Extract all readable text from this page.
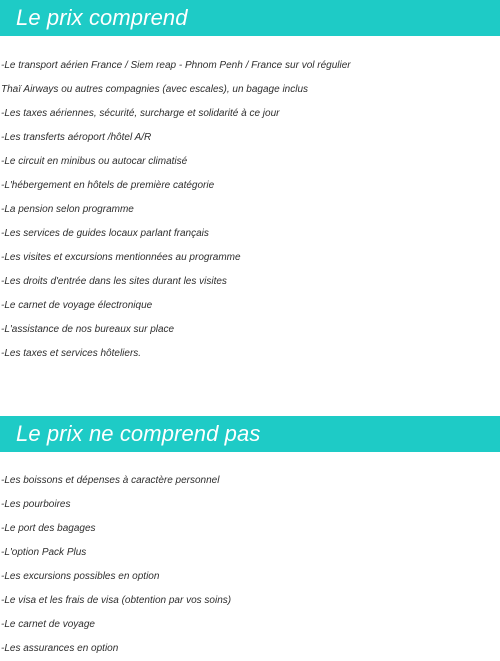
Le prix comprend
-Le transport aérien France / Siem reap - Phnom Penh / France sur vol régulier
Thaï Airways ou autres compagnies (avec escales), un bagage inclus
-Les taxes aériennes, sécurité, surcharge et solidarité à ce jour
-Les transferts aéroport /hôtel A/R
-Le circuit en minibus ou autocar climatisé
-L'hébergement en hôtels de première catégorie
-La pension selon programme
-Les services de guides locaux parlant français
-Les visites et excursions mentionnées au programme
-Les droits d'entrée dans les sites durant les visites
-Le carnet de voyage électronique
-L'assistance de nos bureaux sur place
-Les taxes et services hôteliers.
Le prix ne comprend pas
-Les boissons et dépenses à caractère personnel
-Les pourboires
-Le port des bagages
-L'option Pack Plus
-Les excursions possibles en option
-Le visa et les frais de visa (obtention par vos soins)
-Le carnet de voyage
-Les assurances en option
